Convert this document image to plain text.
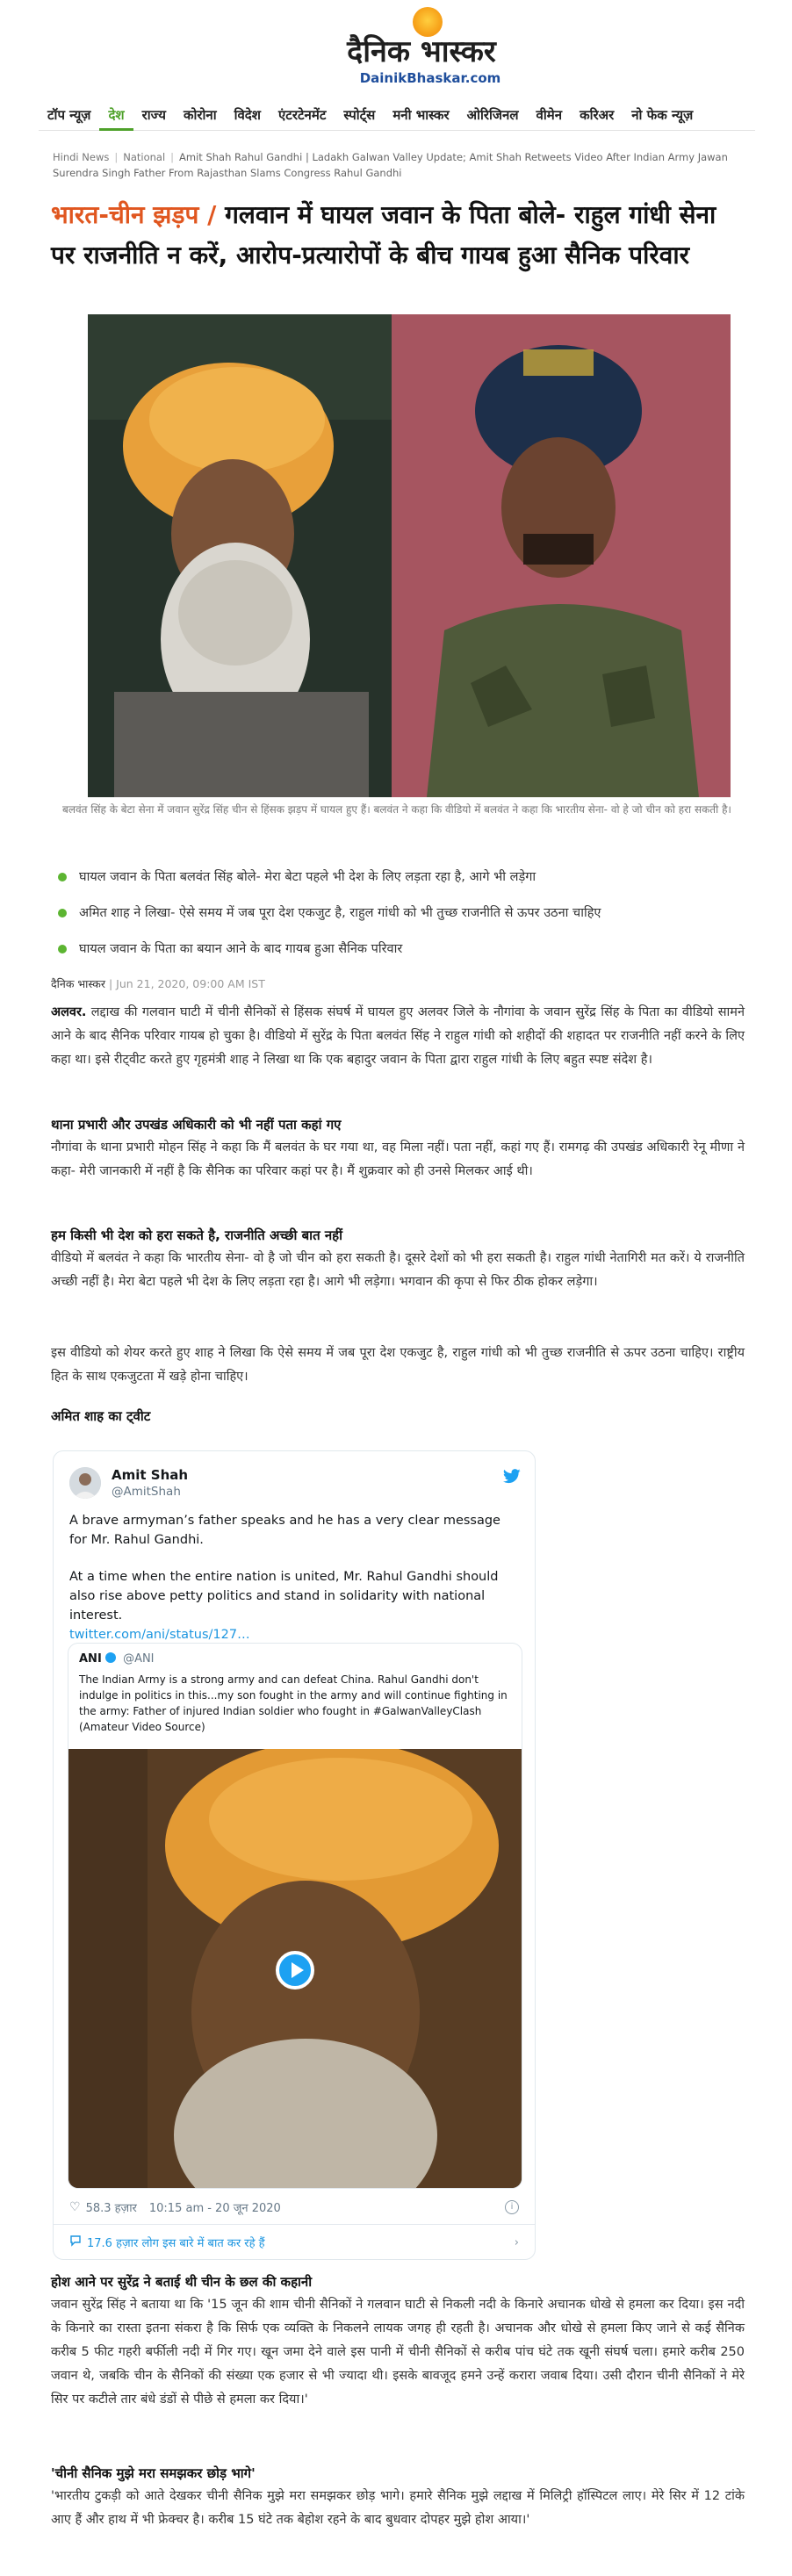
दैनिक भास्कर
DainikBhaskar.com
टॉप न्यूज़	देश	राज्य	कोरोना	विदेश	एंटरटेनमेंट	स्पोर्ट्स	मनी भास्कर	ओरिजिनल	वीमेन	करिअर	नो फेक न्यूज़
Hindi News | National | Amit Shah Rahul Gandhi | Ladakh Galwan Valley Update; Amit Shah Retweets Video After Indian Army Jawan Surendra Singh Father From Rajasthan Slams Congress Rahul Gandhi
भारत-चीन झड़प / गलवान में घायल जवान के पिता बोले- राहुल गांधी सेना पर राजनीति न करें, आरोप-प्रत्यारोपों के बीच गायब हुआ सैनिक परिवार
बलवंत सिंह के बेटा सेना में जवान सुरेंद्र सिंह चीन से हिंसक झड़प में घायल हुए हैं। बलवंत ने कहा कि वीडियो में बलवंत ने कहा कि भारतीय सेना- वो हे जो चीन को हरा सकती है।
घायल जवान के पिता बलवंत सिंह बोले- मेरा बेटा पहले भी देश के लिए लड़ता रहा है, आगे भी लड़ेगा
अमित शाह ने लिखा- ऐसे समय में जब पूरा देश एकजुट है, राहुल गांधी को भी तुच्छ राजनीति से ऊपर उठना चाहिए
घायल जवान के पिता का बयान आने के बाद गायब हुआ सैनिक परिवार
दैनिक भास्कर | Jun 21, 2020, 09:00 AM IST

अलवर. लद्दाख की गलवान घाटी में चीनी सैनिकों से हिंसक संघर्ष में घायल हुए अलवर जिले के नौगांवा के जवान सुरेंद्र सिंह के पिता का वीडियो सामने आने के बाद सैनिक परिवार गायब हो चुका है। वीडियो में सुरेंद्र के पिता बलवंत सिंह ने राहुल गांधी को शहीदों की शहादत पर राजनीति नहीं करने के लिए कहा था। इसे रीट्वीट करते हुए गृहमंत्री शाह ने लिखा था कि एक बहादुर जवान के पिता द्वारा राहुल गांधी के लिए बहुत स्पष्ट संदेश है।

थाना प्रभारी और उपखंड अधिकारी को भी नहीं पता कहां गए

नौगांवा के थाना प्रभारी मोहन सिंह ने कहा कि मैं बलवंत के घर गया था, वह मिला नहीं। पता नहीं, कहां गए हैं। रामगढ़ की उपखंड अधिकारी रेनू मीणा ने कहा- मेरी जानकारी में नहीं है कि सैनिक का परिवार कहां पर है। मैं शुक्रवार को ही उनसे मिलकर आई थी।

हम किसी भी देश को हरा सकते है, राजनीति अच्छी बात नहीं

वीडियो में बलवंत ने कहा कि भारतीय सेना- वो है जो चीन को हरा सकती है। दूसरे देशों को भी हरा सकती है। राहुल गांधी नेतागिरी मत करें। ये राजनीति अच्छी नहीं है। मेरा बेटा पहले भी देश के लिए लड़ता रहा है। आगे भी लड़ेगा। भगवान की कृपा से फिर ठीक होकर लड़ेगा।

इस वीडियो को शेयर करते हुए शाह ने लिखा कि ऐसे समय में जब पूरा देश एकजुट है, राहुल गांधी को भी तुच्छ राजनीति से ऊपर उठना चाहिए। राष्ट्रीय हित के साथ एकजुटता में खड़े होना चाहिए।

अमित शाह का ट्वीट
Amit Shah
@AmitShah

A brave armyman’s father speaks and he has a very clear message for Mr. Rahul Gandhi.

At a time when the entire nation is united, Mr. Rahul Gandhi should also rise above petty politics and stand in solidarity with national interest.

twitter.com/ani/status/127…

ANI @ANI
The Indian Army is a strong army and can defeat China. Rahul Gandhi don't indulge in politics in this...my son fought in the army and will continue fighting in the army: Father of injured Indian soldier who fought in #GalwanValleyClash (Amateur Video Source)
♡ 58.3 हज़ार 10:15 am - 20 जून 2020	i
17.6 हज़ार लोग इस बारे में बात कर रहे हैं	›
होश आने पर सुरेंद्र ने बताई थी चीन के छल की कहानी

जवान सुरेंद्र सिंह ने बताया था कि '15 जून की शाम चीनी सैनिकों ने गलवान घाटी से निकली नदी के किनारे अचानक धोखे से हमला कर दिया। इस नदी के किनारे का रास्ता इतना संकरा है कि सिर्फ एक व्यक्ति के निकलने लायक जगह ही रहती है। अचानक और धोखे से हमला किए जाने से कई सैनिक करीब 5 फीट गहरी बर्फीली नदी में गिर गए। खून जमा देने वाले इस पानी में चीनी सैनिकों से करीब पांच घंटे तक खूनी संघर्ष चला। हमारे करीब 250 जवान थे, जबकि चीन के सैनिकों की संख्या एक हजार से भी ज्यादा थी। इसके बावजूद हमने उन्हें करारा जवाब दिया। उसी दौरान चीनी सैनिकों ने मेरे सिर पर कटीले तार बंधे डंडों से पीछे से हमला कर दिया।'

'चीनी सैनिक मुझे मरा समझकर छोड़ भागे'

'भारतीय टुकड़ी को आते देखकर चीनी सैनिक मुझे मरा समझकर छोड़ भागे। हमारे सैनिक मुझे लद्दाख में मिलिट्री हॉस्पिटल लाए। मेरे सिर में 12 टांके आए हैं और हाथ में भी फ्रेक्चर है। करीब 15 घंटे तक बेहोश रहने के बाद बुधवार दोपहर मुझे होश आया।'
